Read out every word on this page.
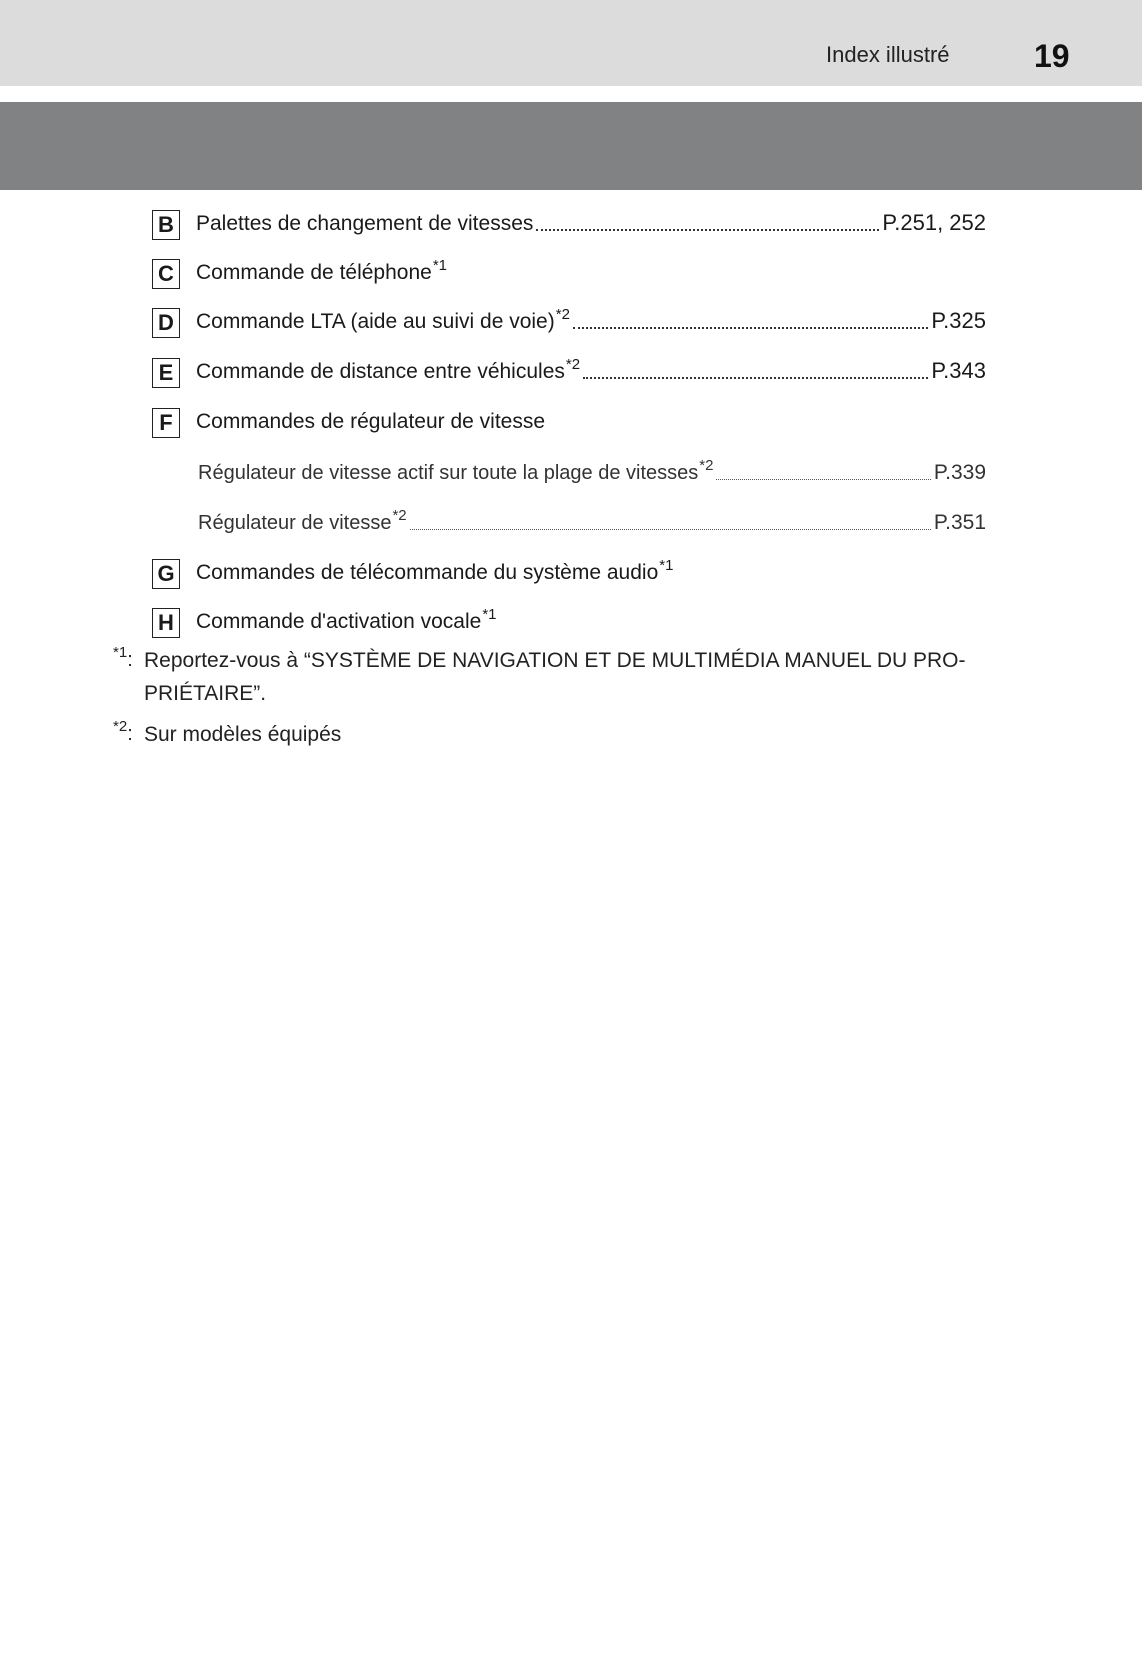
Index illustré	19
B Palettes de changement de vitesses	P.251, 252
C Commande de téléphone$^{*1}$
D Commande LTA (aide au suivi de voie)$^{*2}$	P.325
E	Commande de distance entre véhicules$^{*2}$	P.343
F	Commandes de régulateur de vitesse
Régulateur de vitesse actif sur toute la plage de vitesses$^{*2}$	P.339
Régulateur de vitesse$^{*2}$	P.351
G Commandes de télécommande du système audio$^{*1}$
H Commande d'activation vocale$^{*1}$
$^{*1}$: Reportez-vous à “SYSTÈME DE NAVIGATION ET DE MULTIMÉDIA MANUEL DU PRO-PRIÉTAIRE”.
$^{*2}$: Sur modèles équipés
